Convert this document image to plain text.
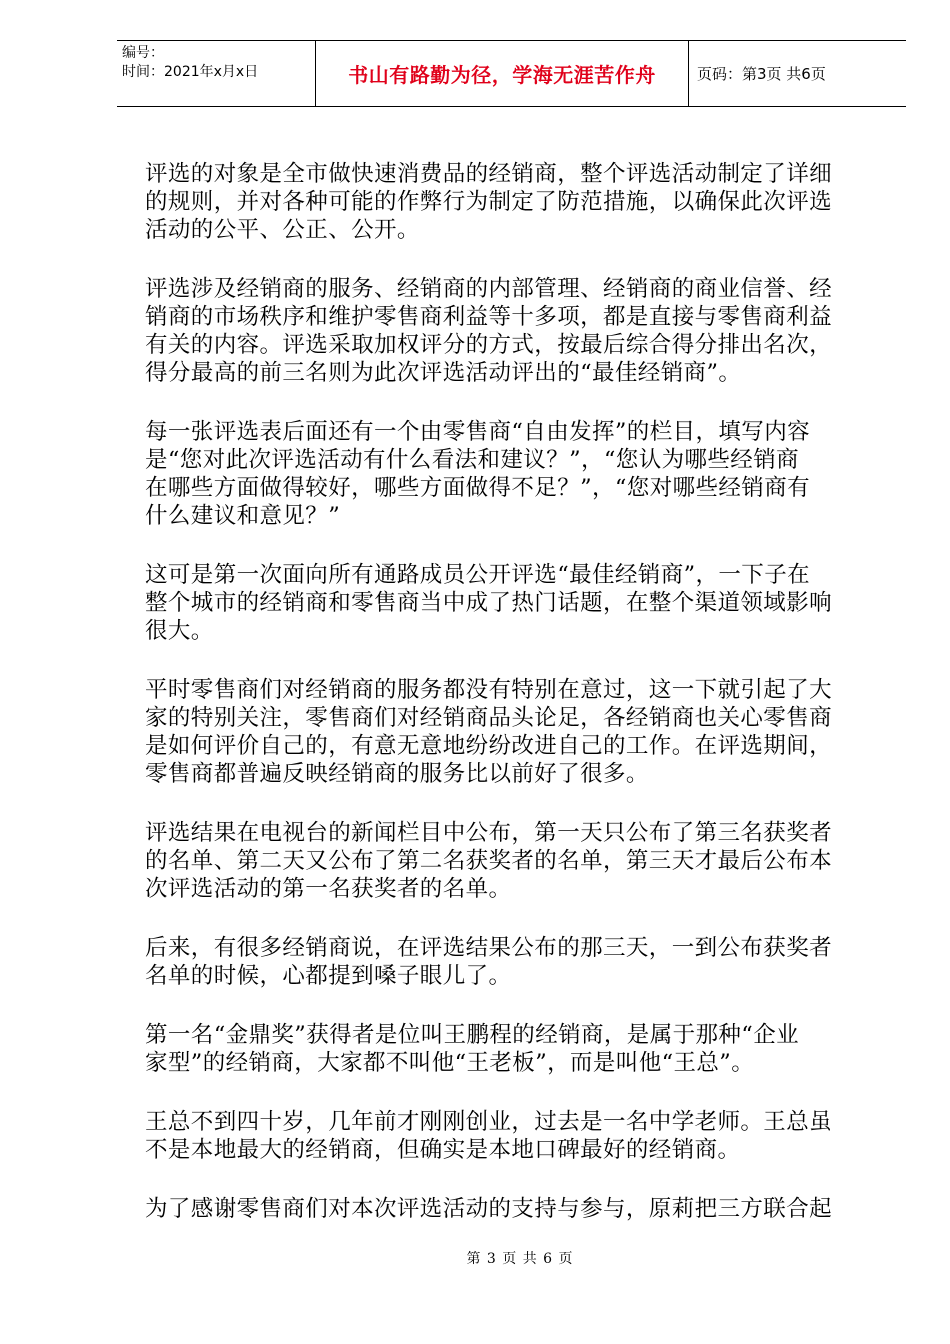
编号：
时间：2021年x月x日	书山有路勤为径，学海无涯苦作舟	页码：第3页 共6页

评选的对象是全市做快速消费品的经销商，整个评选活动制定了详细
的规则，并对各种可能的作弊行为制定了防范措施，以确保此次评选
活动的公平、公正、公开。

评选涉及经销商的服务、经销商的内部管理、经销商的商业信誉、经
销商的市场秩序和维护零售商利益等十多项，都是直接与零售商利益
有关的内容。评选采取加权评分的方式，按最后综合得分排出名次，
得分最高的前三名则为此次评选活动评出的“最佳经销商”。

每一张评选表后面还有一个由零售商“自由发挥”的栏目，填写内容
是“您对此次评选活动有什么看法和建议？”，“您认为哪些经销商
在哪些方面做得较好，哪些方面做得不足？”，“您对哪些经销商有
什么建议和意见？”

这可是第一次面向所有通路成员公开评选“最佳经销商”，一下子在
整个城市的经销商和零售商当中成了热门话题，在整个渠道领域影响
很大。

平时零售商们对经销商的服务都没有特别在意过，这一下就引起了大
家的特别关注，零售商们对经销商品头论足，各经销商也关心零售商
是如何评价自己的，有意无意地纷纷改进自己的工作。在评选期间，
零售商都普遍反映经销商的服务比以前好了很多。

评选结果在电视台的新闻栏目中公布，第一天只公布了第三名获奖者
的名单、第二天又公布了第二名获奖者的名单，第三天才最后公布本
次评选活动的第一名获奖者的名单。

后来，有很多经销商说，在评选结果公布的那三天，一到公布获奖者
名单的时候，心都提到嗓子眼儿了。

第一名“金鼎奖”获得者是位叫王鹏程的经销商，是属于那种“企业
家型”的经销商，大家都不叫他“王老板”，而是叫他“王总”。

王总不到四十岁，几年前才刚刚创业，过去是一名中学老师。王总虽
不是本地最大的经销商，但确实是本地口碑最好的经销商。

为了感谢零售商们对本次评选活动的支持与参与，原莉把三方联合起

第 3 页 共 6 页
